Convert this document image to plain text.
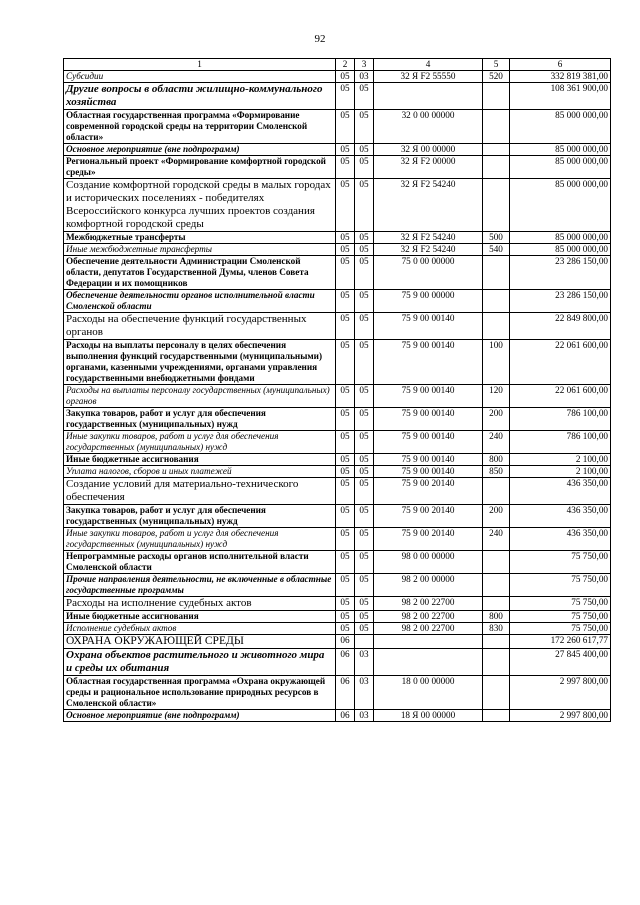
92
1	2	3	4	5	6
Субсидии	05	03	32 Я F2 55550	520	332 819 381,00
Другие вопросы в области жилищно-коммунального хозяйства	05	05			108 361 900,00
Областная государственная программа «Формирование современной городской среды на территории Смоленской области»	05	05	32 0 00 00000		85 000 000,00
Основное мероприятие (вне подпрограмм)	05	05	32 Я 00 00000		85 000 000,00
Региональный проект «Формирование комфортной городской среды»	05	05	32 Я F2 00000		85 000 000,00
Создание комфортной городской среды в малых городах и исторических поселениях - победителях Всероссийского конкурса лучших проектов создания комфортной городской среды	05	05	32 Я F2 54240		85 000 000,00
Межбюджетные трансферты	05	05	32 Я F2 54240	500	85 000 000,00
Иные межбюджетные трансферты	05	05	32 Я F2 54240	540	85 000 000,00
Обеспечение деятельности Администрации Смоленской области, депутатов Государственной Думы, членов Совета Федерации и их помощников	05	05	75 0 00 00000		23 286 150,00
Обеспечение деятельности органов исполнительной власти Смоленской области	05	05	75 9 00 00000		23 286 150,00
Расходы на обеспечение функций государственных органов	05	05	75 9 00 00140		22 849 800,00
Расходы на выплаты персоналу в целях обеспечения выполнения функций государственными (муниципальными) органами, казенными учреждениями, органами управления государственными внебюджетными фондами	05	05	75 9 00 00140	100	22 061 600,00
Расходы на выплаты персоналу государственных (муниципальных) органов	05	05	75 9 00 00140	120	22 061 600,00
Закупка товаров, работ и услуг для обеспечения государственных (муниципальных) нужд	05	05	75 9 00 00140	200	786 100,00
Иные закупки товаров, работ и услуг для обеспечения государственных (муниципальных) нужд	05	05	75 9 00 00140	240	786 100,00
Иные бюджетные ассигнования	05	05	75 9 00 00140	800	2 100,00
Уплата налогов, сборов и иных платежей	05	05	75 9 00 00140	850	2 100,00
Создание условий для материально-технического обеспечения	05	05	75 9 00 20140		436 350,00
Закупка товаров, работ и услуг для обеспечения государственных (муниципальных) нужд	05	05	75 9 00 20140	200	436 350,00
Иные закупки товаров, работ и услуг для обеспечения государственных (муниципальных) нужд	05	05	75 9 00 20140	240	436 350,00
Непрограммные расходы органов исполнительной власти Смоленской области	05	05	98 0 00 00000		75 750,00
Прочие направления деятельности, не включенные в областные государственные программы	05	05	98 2 00 00000		75 750,00
Расходы на исполнение судебных актов	05	05	98 2 00 22700		75 750,00
Иные бюджетные ассигнования	05	05	98 2 00 22700	800	75 750,00
Исполнение судебных актов	05	05	98 2 00 22700	830	75 750,00
ОХРАНА ОКРУЖАЮЩЕЙ СРЕДЫ	06				172 260 617,77
Охрана объектов растительного и животного мира и среды их обитания	06	03			27 845 400,00
Областная государственная программа «Охрана окружающей среды и рациональное использование природных ресурсов в Смоленской области»	06	03	18 0 00 00000		2 997 800,00
Основное мероприятие (вне подпрограмм)	06	03	18 Я 00 00000		2 997 800,00
